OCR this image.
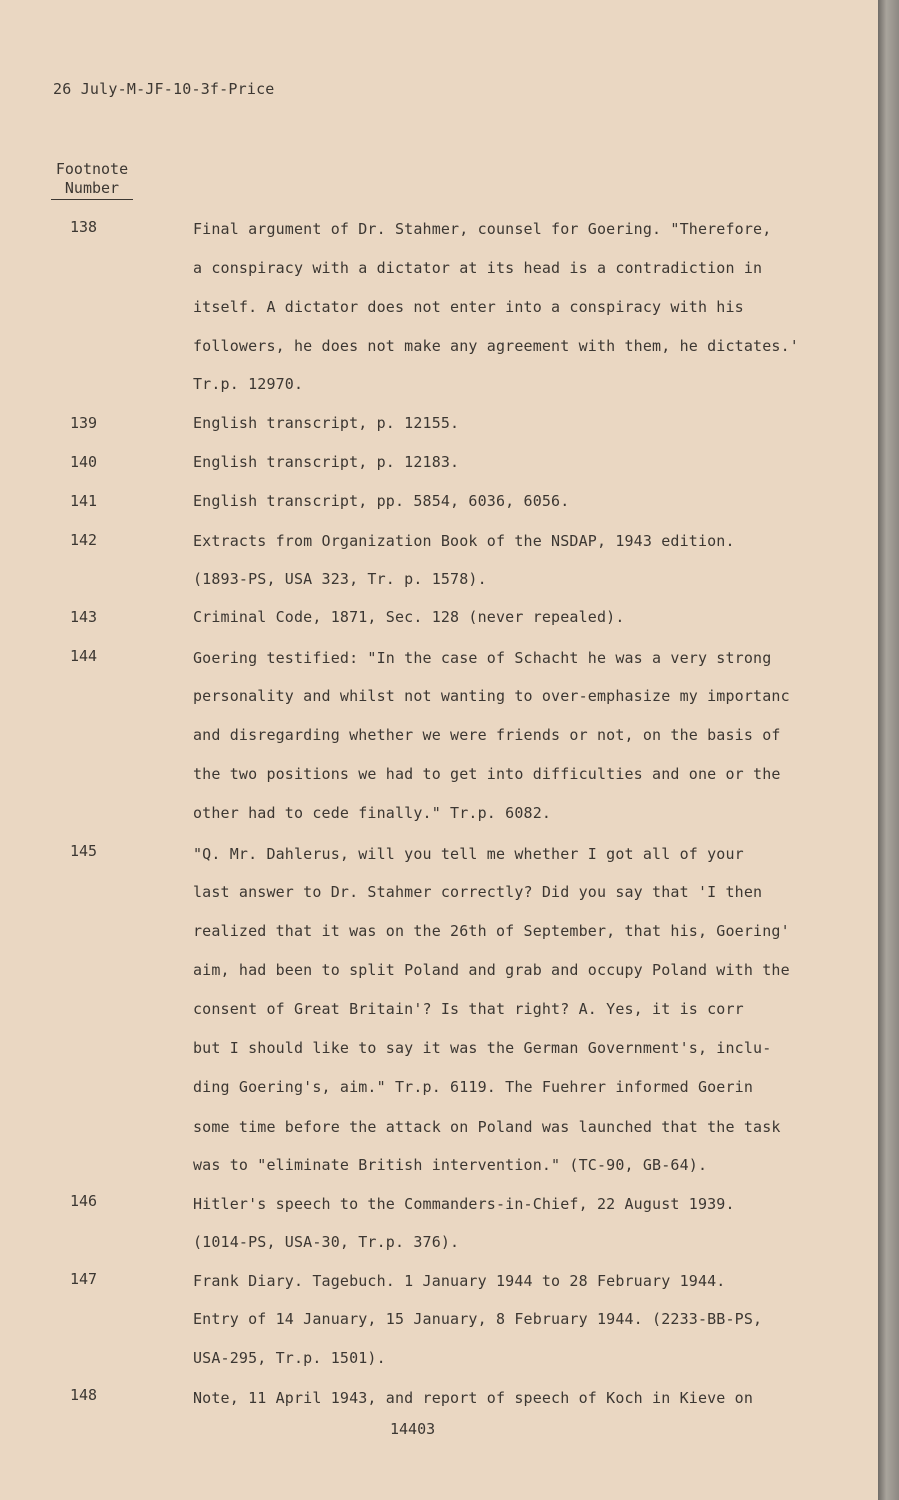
26 July-M-JF-10-3f-Price
Footnote

Number
138	Final argument of Dr. Stahmer, counsel for Goering. "Therefore,
a conspiracy with a dictator at its head is a contradiction in
itself. A dictator does not enter into a conspiracy with his
followers, he does not make any agreement with them, he dictates.'
Tr.p. 12970.
139	English transcript, p. 12155.
140	English transcript, p. 12183.
141	English transcript, pp. 5854, 6036, 6056.
142	Extracts from Organization Book of the NSDAP, 1943 edition.
(1893-PS, USA 323, Tr. p. 1578).
143	Criminal Code, 1871, Sec. 128 (never repealed).
144	Goering testified: "In the case of Schacht he was a very strong
personality and whilst not wanting to over-emphasize my importanc
and disregarding whether we were friends or not, on the basis of
the two positions we had to get into difficulties and one or the
other had to cede finally." Tr.p. 6082.
145	"Q. Mr. Dahlerus, will you tell me whether I got all of your
last answer to Dr. Stahmer correctly? Did you say that 'I then
realized that it was on the 26th of September, that his, Goering'
aim, had been to split Poland and grab and occupy Poland with the
consent of Great Britain'? Is that right? A. Yes, it is corr
but I should like to say it was the German Government's, inclu-
ding Goering's, aim." Tr.p. 6119. The Fuehrer informed Goerin
some time before the attack on Poland was launched that the task
was to "eliminate British intervention." (TC-90, GB-64).
146	Hitler's speech to the Commanders-in-Chief, 22 August 1939.
(1014-PS, USA-30, Tr.p. 376).
147	Frank Diary. Tagebuch. 1 January 1944 to 28 February 1944.
Entry of 14 January, 15 January, 8 February 1944. (2233-BB-PS,
USA-295, Tr.p. 1501).
148	Note, 11 April 1943, and report of speech of Koch in Kieve on
14403
